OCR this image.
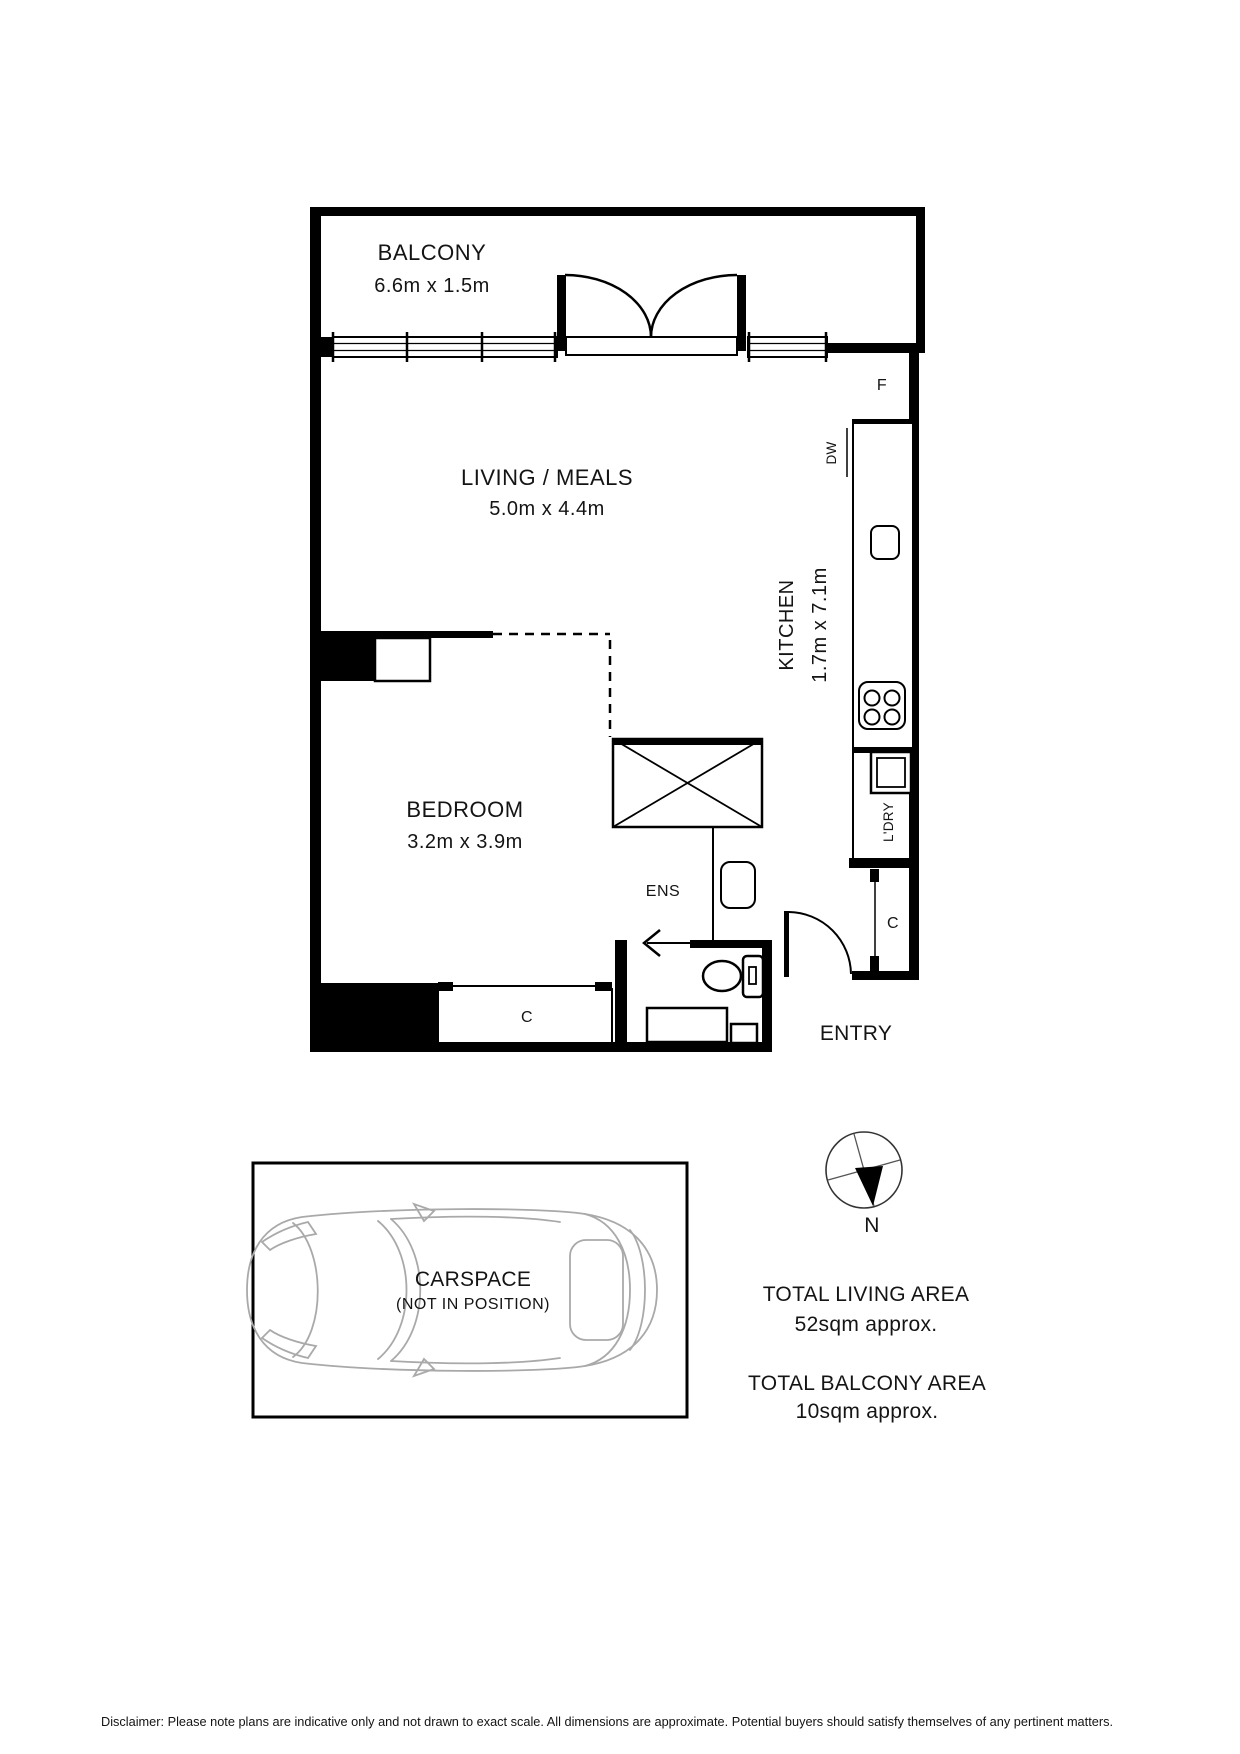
BALCONY
6.6m x 1.5m
LIVING / MEALS
5.0m x 4.4m
BEDROOM
3.2m x 3.9m
KITCHEN 1.7m x 7.1m
ENS
ENTRY
F
DW
L'DRY
C
C
N
CARSPACE
(NOT IN POSITION)	TOTAL LIVING AREA
52sqm approx.
TOTAL BALCONY AREA
10sqm approx.
Disclaimer: Please note plans are indicative only and not drawn to exact scale. All dimensions are approximate. Potential buyers should satisfy themselves of any pertinent matters.
